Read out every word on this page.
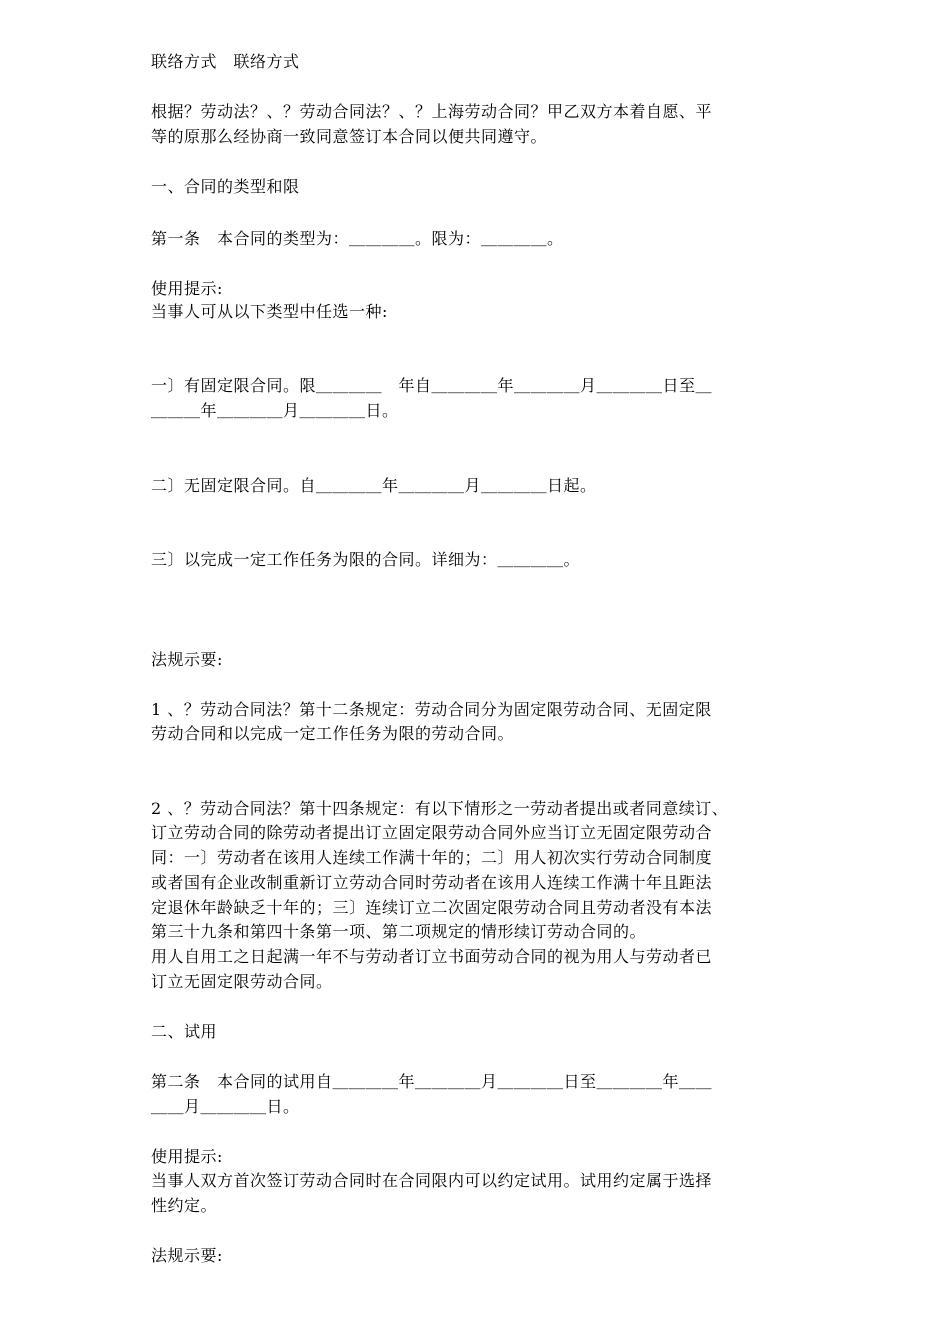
联络方式　联络方式
根据？劳动法？、？劳动合同法？、？上海劳动合同？甲乙双方本着自愿、平
等的原那么经协商一致同意签订本合同以便共同遵守。
一、合同的类型和限
第一条　本合同的类型为：＿＿＿＿。限为：＿＿＿＿。
使用提示:
当事人可从以下类型中任选一种:
一〕有固定限合同。限＿＿＿＿　年自＿＿＿＿年＿＿＿＿月＿＿＿＿日至＿
＿＿＿年＿＿＿＿月＿＿＿＿日。
二〕无固定限合同。自＿＿＿＿年＿＿＿＿月＿＿＿＿日起。
三〕以完成一定工作任务为限的合同。详细为：＿＿＿＿。
法规示要:
1 、？劳动合同法？第十二条规定：劳动合同分为固定限劳动合同、无固定限
劳动合同和以完成一定工作任务为限的劳动合同。
2 、？劳动合同法？第十四条规定：有以下情形之一劳动者提出或者同意续订、
订立劳动合同的除劳动者提出订立固定限劳动合同外应当订立无固定限劳动合
同：一〕劳动者在该用人连续工作满十年的；二〕用人初次实行劳动合同制度
或者国有企业改制重新订立劳动合同时劳动者在该用人连续工作满十年且距法
定退休年龄缺乏十年的；三〕连续订立二次固定限劳动合同且劳动者没有本法
第三十九条和第四十条第一项、第二项规定的情形续订劳动合同的。
用人自用工之日起满一年不与劳动者订立书面劳动合同的视为用人与劳动者已
订立无固定限劳动合同。
二、试用
第二条　本合同的试用自＿＿＿＿年＿＿＿＿月＿＿＿＿日至＿＿＿＿年＿＿
＿＿月＿＿＿＿日。
使用提示:
当事人双方首次签订劳动合同时在合同限内可以约定试用。试用约定属于选择
性约定。
法规示要:
